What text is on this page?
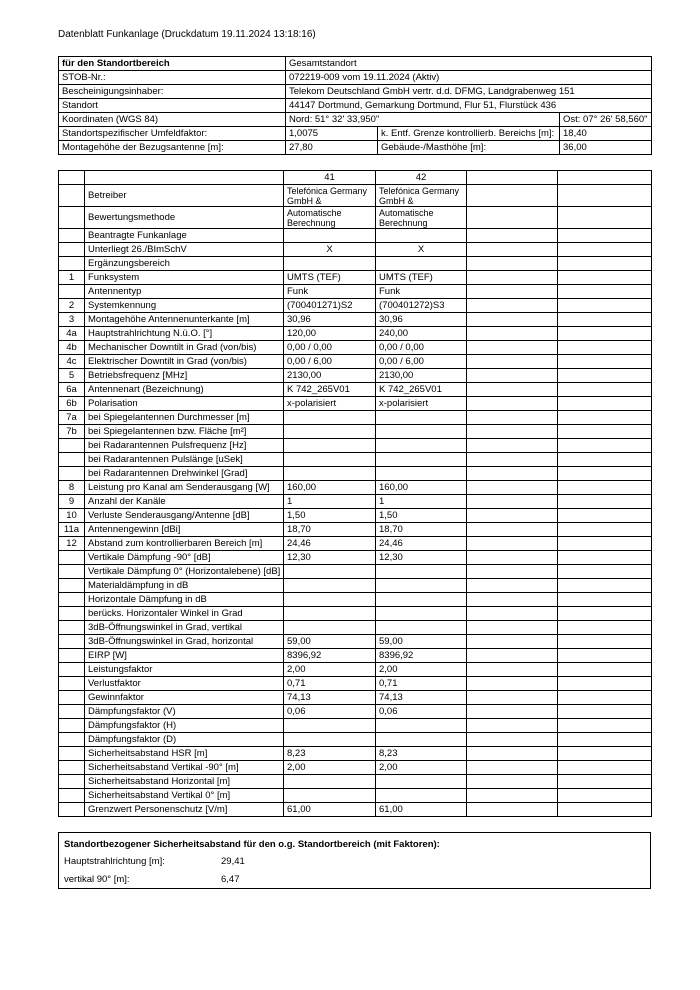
Datenblatt Funkanlage (Druckdatum 19.11.2024 13:18:16)
für den Standortbereich	Gesamtstandort		
STOB-Nr.:	072219-009 vom 19.11.2024 (Aktiv)		
Bescheinigungsinhaber:	Telekom Deutschland GmbH vertr. d.d. DFMG, Landgrabenweg 151		
Standort	44147 Dortmund, Gemarkung Dortmund, Flur 51, Flurstück 436		
Koordinaten (WGS 84)	Nord: 51° 32' 33,950"		Ost: 07° 26' 58,560"
Standortspezifischer Umfeldfaktor:	1,0075	k. Entf. Grenze kontrollierb. Bereichs [m]:	18,40
Montagehöhe der Bezugsantenne [m]:	27,80	Gebäude-/Masthöhe [m]:	36,00
		41	42		
	Betreiber	Telefónica Germany GmbH &	Telefónica Germany GmbH &		
	Bewertungsmethode	Automatische Berechnung	Automatische Berechnung		
	Beantragte Funkanlage				
	Unterliegt 26./BImSchV	X	X		
	Ergänzungsbereich				
1	Funksystem	UMTS (TEF)	UMTS (TEF)		
	Antennentyp	Funk	Funk		
2	Systemkennung	(700401271)S2	(700401272)S3		
3	Montagehöhe Antennenunterkante [m]	30,96	30,96		
4a	Hauptstrahlrichtung N.ü.O. [°]	120,00	240,00		
4b	Mechanischer Downtilt in Grad (von/bis)	0,00 / 0,00	0,00 / 0,00		
4c	Elektrischer Downtilt in Grad (von/bis)	0,00 / 6,00	0,00 / 6,00		
5	Betriebsfrequenz [MHz]	2130,00	2130,00		
6a	Antennenart (Bezeichnung)	K 742_265V01	K 742_265V01		
6b	Polarisation	x-polarisiert	x-polarisiert		
7a	bei Spiegelantennen Durchmesser [m]				
7b	bei Spiegelantennen bzw. Fläche [m²]				
	bei Radarantennen Pulsfrequenz [Hz]				
	bei Radarantennen Pulslänge [uSek]				
	bei Radarantennen Drehwinkel [Grad]				
8	Leistung pro Kanal am Senderausgang [W]	160,00	160,00		
9	Anzahl der Kanäle	1	1		
10	Verluste Senderausgang/Antenne [dB]	1,50	1,50		
11a	Antennengewinn [dBi]	18,70	18,70		
12	Abstand zum kontrollierbaren Bereich [m]	24,46	24,46		
	Vertikale Dämpfung -90° [dB]	12,30	12,30		
	Vertikale Dämpfung 0° (Horizontalebene) [dB]				
	Materialdämpfung in dB				
	Horizontale Dämpfung in dB				
	berücks. Horizontaler Winkel in Grad				
	3dB-Öffnungswinkel in Grad, vertikal				
	3dB-Öffnungswinkel in Grad, horizontal	59,00	59,00		
	EIRP [W]	8396,92	8396,92		
	Leistungsfaktor	2,00	2,00		
	Verlustfaktor	0,71	0,71		
	Gewinnfaktor	74,13	74,13		
	Dämpfungsfaktor (V)	0,06	0,06		
	Dämpfungsfaktor (H)				
	Dämpfungsfaktor (D)				
	Sicherheitsabstand HSR [m]	8,23	8,23		
	Sicherheitsabstand Vertikal -90° [m]	2,00	2,00		
	Sicherheitsabstand Horizontal [m]				
	Sicherheitsabstand Vertikal 0° [m]				
	Grenzwert Personenschutz [V/m]	61,00	61,00		
Standortbezogener Sicherheitsabstand für den o.g. Standortbereich (mit Faktoren):
Hauptstrahlrichtung [m]:	29,41
vertikal 90° [m]:	6,47
